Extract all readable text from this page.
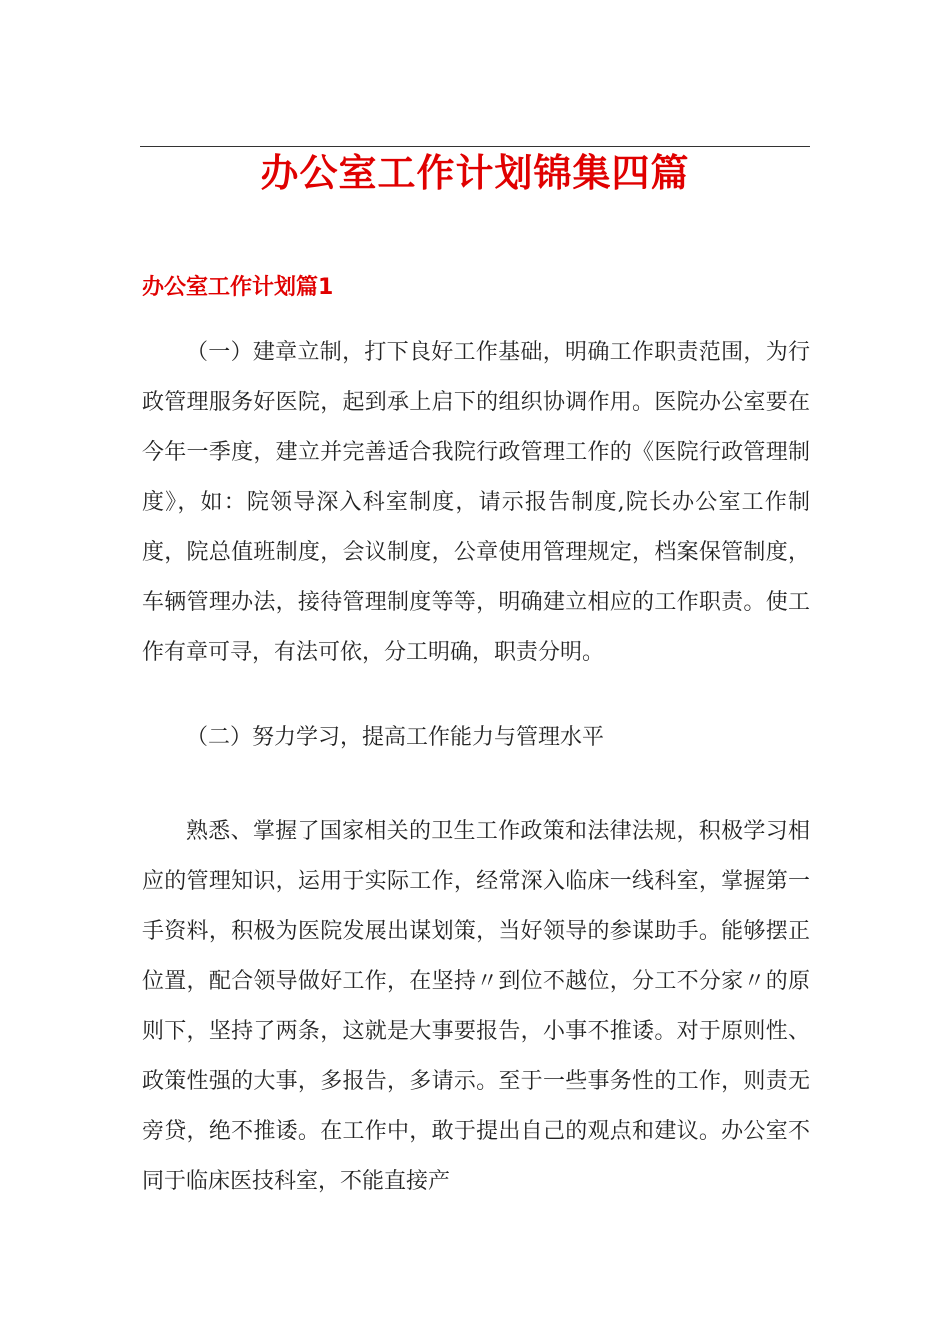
办公室工作计划锦集四篇
办公室工作计划篇1

（一）建章立制，打下良好工作基础，明确工作职责范围，为行政管理服务好医院，起到承上启下的组织协调作用。医院办公室要在今年一季度，建立并完善适合我院行政管理工作的《医院行政管理制度》，如：院领导深入科室制度，请示报告制度,院长办公室工作制度，院总值班制度，会议制度，公章使用管理规定，档案保管制度，车辆管理办法，接待管理制度等等，明确建立相应的工作职责。使工作有章可寻，有法可依，分工明确，职责分明。

（二）努力学习，提高工作能力与管理水平

熟悉、掌握了国家相关的卫生工作政策和法律法规，积极学习相应的管理知识，运用于实际工作，经常深入临床一线科室，掌握第一手资料，积极为医院发展出谋划策，当好领导的参谋助手。能够摆正位置，配合领导做好工作，在坚持〃到位不越位，分工不分家〃的原则下，坚持了两条，这就是大事要报告，小事不推诿。对于原则性、政策性强的大事，多报告，多请示。至于一些事务性的工作，则责无旁贷，绝不推诿。在工作中，敢于提出自己的观点和建议。办公室不同于临床医技科室，不能直接产
